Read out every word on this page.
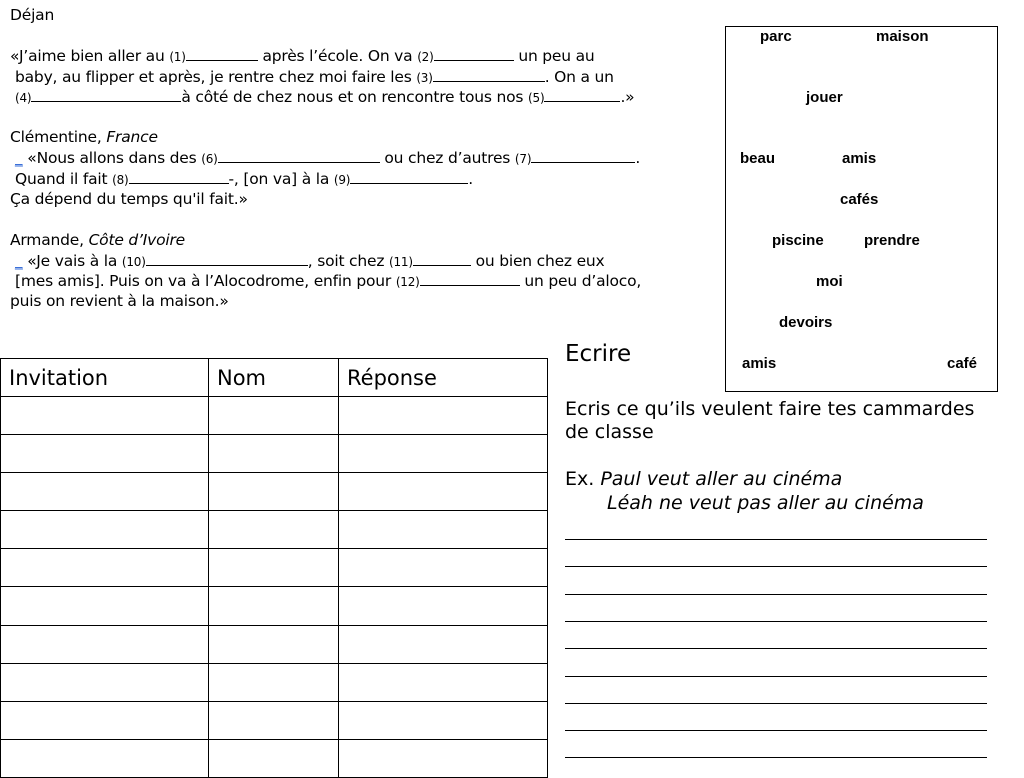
Déjan
«J’aime bien aller au (1)	après l’école. On va (2)	un peu au
baby, au flipper et après, je rentre chez moi faire les (3)	. On a un
(4)	à côté de chez nous et on rencontre tous nos (5)	.»
Clémentine, France
_ «Nous allons dans des (6)	ou chez d’autres (7)	.
Quand il fait (8)	-, [on va] à la (9)	.
Ça dépend du temps qu'il fait.»
Armande, Côte d’Ivoire
_ «Je vais à la (10)	, soit chez (11)	ou bien chez eux
[mes amis]. Puis on va à l’Alocodrome, enfin pour (12)	un peu d’aloco,
puis on revient à la maison.»
parc	maison
jouer
beau	amis
cafés
piscine	prendre
moi
devoirs
amis	café
Invitation	Nom	Réponse

Ecrire
Ecris ce qu’ils veulent faire tes cammardes
de classe
Ex. Paul veut aller au cinéma
Léah ne veut pas aller au cinéma
